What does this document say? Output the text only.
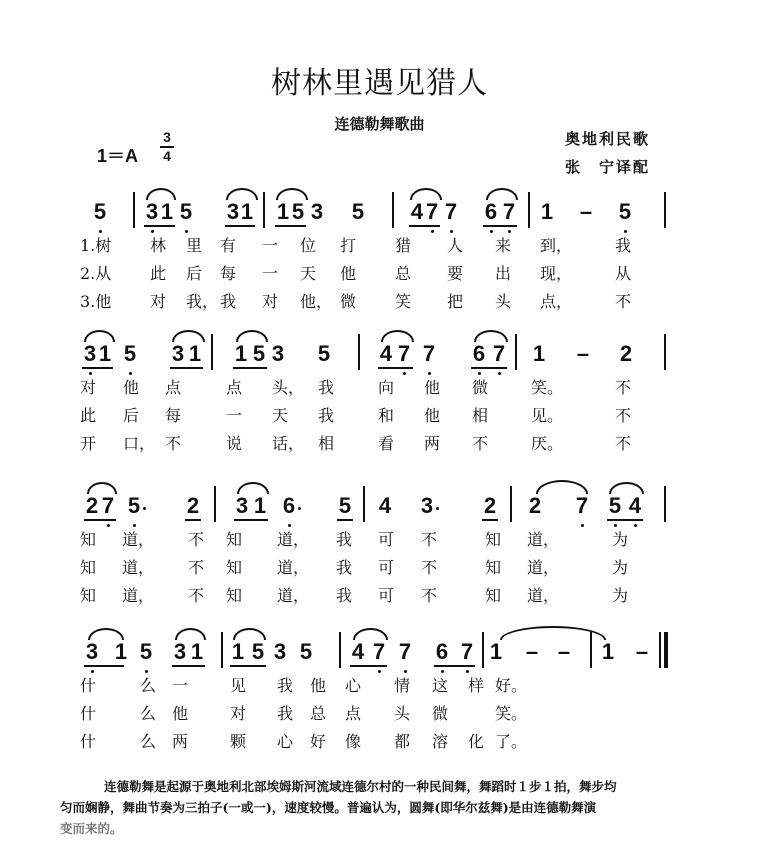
树林里遇见猎人
连德勒舞歌曲
1＝A
3
4
奥地利民歌
张　宁译配
5 3 1 5 3 1 1 5 3 5 4 7 7 6 7 1 – 5
1.树 林 里 有 一 位 打 猎 人 来 到，	我
2.从 此 后 每 一 天 他 总 要 出 现，	从
3.他 对 我， 我 对 他， 微 笑 把 头 点，	不
3 1 5 3 1 1 5 3 5 4 7 7 6 7 1 – 2
对 他 点	点 头， 我	向 他 微	笑。	不
此 后 每	一 天 我	和 他 相	见。	不
开 口， 不	说 话， 相	看 两 不	厌。	不
2 7 5 2 3 1 6 5 4 3 2 2 7 5 4
知 道， 不 知 道， 我 可 不	知 道，	为
知 道， 不 知 道， 我 可 不	知 道，	为
知 道， 不 知 道， 我 可 不	知 道，	为
3 1 5 3 1 1 5 3 5 4 7 7 6 7 1 – – 1 –
什	么 一	见 我 他 心 情 这 样 好。
什	么 他	对 我 总 点 头 微	笑。
什	么 两	颗 心 好 像 都 溶 化 了。
连德勒舞是起源于奥地利北部埃姆斯河流域连德尔村的一种民间舞，舞蹈时１步１拍，舞步均
匀而娴静，舞曲节奏为三拍子(一或一)，速度较慢。普遍认为，圆舞(即华尔兹舞)是由连德勒舞演
变而来的。
